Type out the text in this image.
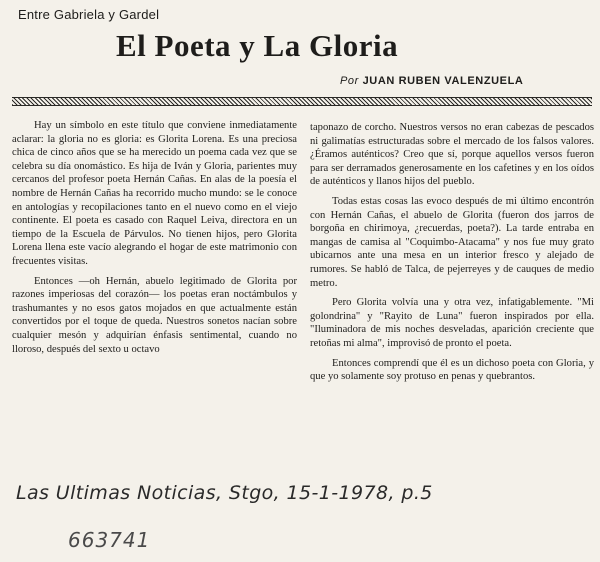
Entre Gabriela y Gardel
El Poeta y La Gloria
Por JUAN RUBEN VALENZUELA

Hay un símbolo en este título que conviene inmediatamente aclarar: la gloria no es gloria: es Glorita Lorena. Es una preciosa chica de cinco años que se ha merecido un poema cada vez que se celebra su día onomástico. Es hija de Iván y Gloria, parientes muy cercanos del profesor poeta Hernán Cañas. En alas de la poesía el nombre de Hernán Cañas ha recorrido mucho mundo: se le conoce en antologías y recopilaciones tanto en el nuevo como en el viejo continente. El poeta es casado con Raquel Leiva, directora en un tiempo de la Escuela de Párvulos. No tienen hijos, pero Glorita Lorena llena este vacío alegrando el hogar de este matrimonio con frecuentes visitas.

Entonces —oh Hernán, abuelo legitimado de Glorita por razones imperiosas del corazón— los poetas eran noctámbulos y trashumantes y no esos gatos mojados en que actualmente están convertidos por el toque de queda. Nuestros sonetos nacían sobre cualquier mesón y adquirían énfasis sentimental, cuando no lloroso, después del sexto u octavo

taponazo de corcho. Nuestros versos no eran cabezas de pescados ni galimatías estructuradas sobre el mercado de los falsos valores. ¿Éramos auténticos? Creo que sí, porque aquellos versos fueron para ser derramados generosamente en los cafetines y en los oídos de auténticos y llanos hijos del pueblo.

Todas estas cosas las evoco después de mi último encontrón con Hernán Cañas, el abuelo de Glorita (fueron dos jarros de borgoña en chirimoya, ¿recuerdas, poeta?). La tarde entraba en mangas de camisa al "Coquimbo-Atacama" y nos fue muy grato ubicarnos ante una mesa en un interior fresco y alejado de rumores. Se habló de Talca, de pejerreyes y de cauques de medio metro.

Pero Glorita volvía una y otra vez, infatigablemente. "Mi golondrina" y "Rayito de Luna" fueron inspirados por ella. "Iluminadora de mis noches desveladas, aparición creciente que retoñas mi alma", improvisó de pronto el poeta.

Entonces comprendí que él es un dichoso poeta con Gloria, y que yo solamente soy protuso en penas y quebrantos.

Las Ultimas Noticias, Stgo, 15-1-1978, p.5
663741
